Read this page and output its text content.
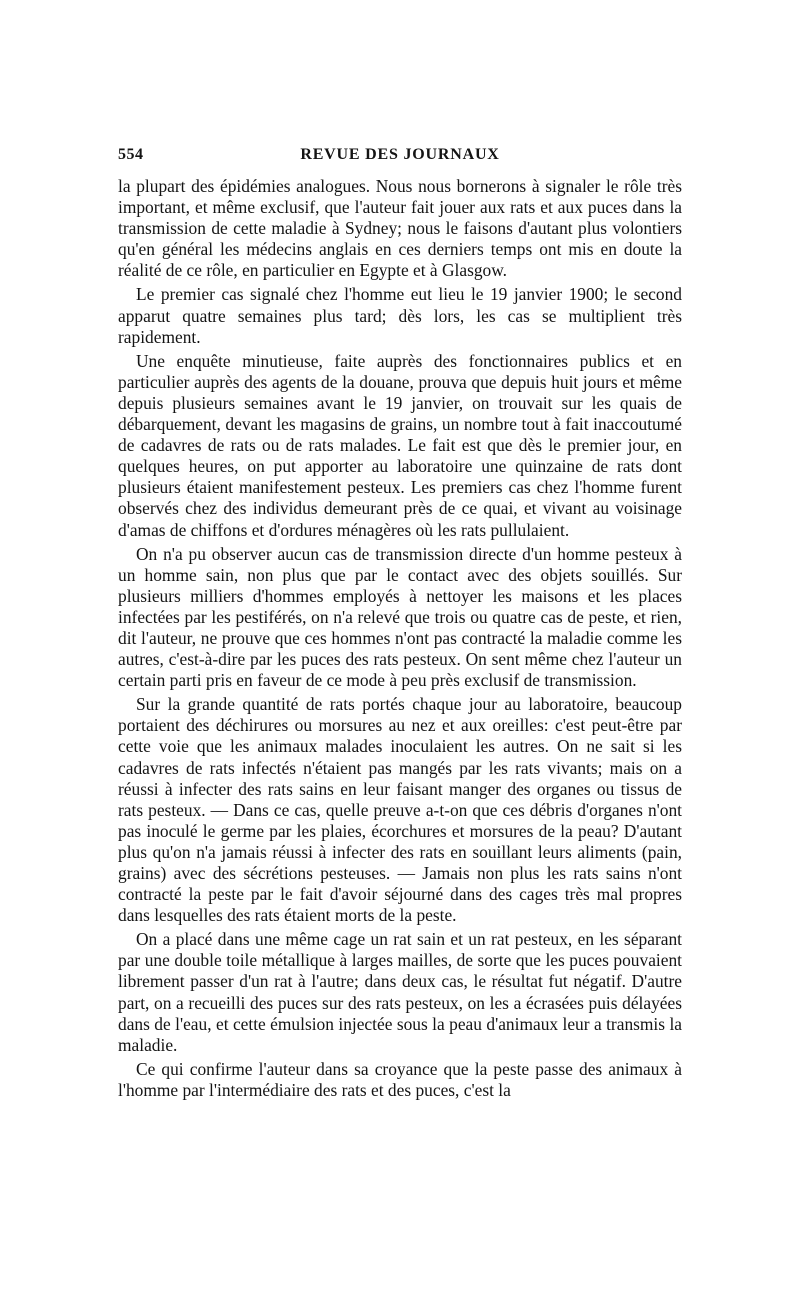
554	REVUE DES JOURNAUX

la plupart des épidémies analogues. Nous nous bornerons à signaler le rôle très important, et même exclusif, que l'auteur fait jouer aux rats et aux puces dans la transmission de cette maladie à Sydney; nous le faisons d'autant plus volontiers qu'en général les médecins anglais en ces derniers temps ont mis en doute la réalité de ce rôle, en particulier en Egypte et à Glasgow.

Le premier cas signalé chez l'homme eut lieu le 19 janvier 1900; le second apparut quatre semaines plus tard; dès lors, les cas se multiplient très rapidement.

Une enquête minutieuse, faite auprès des fonctionnaires publics et en particulier auprès des agents de la douane, prouva que depuis huit jours et même depuis plusieurs semaines avant le 19 janvier, on trouvait sur les quais de débarquement, devant les magasins de grains, un nombre tout à fait inaccoutumé de cadavres de rats ou de rats malades. Le fait est que dès le premier jour, en quelques heures, on put apporter au laboratoire une quinzaine de rats dont plusieurs étaient manifestement pesteux. Les premiers cas chez l'homme furent observés chez des individus demeurant près de ce quai, et vivant au voisinage d'amas de chiffons et d'ordures ménagères où les rats pullulaient.

On n'a pu observer aucun cas de transmission directe d'un homme pesteux à un homme sain, non plus que par le contact avec des objets souillés. Sur plusieurs milliers d'hommes employés à nettoyer les maisons et les places infectées par les pestiférés, on n'a relevé que trois ou quatre cas de peste, et rien, dit l'auteur, ne prouve que ces hommes n'ont pas contracté la maladie comme les autres, c'est-à-dire par les puces des rats pesteux. On sent même chez l'auteur un certain parti pris en faveur de ce mode à peu près exclusif de transmission.

Sur la grande quantité de rats portés chaque jour au laboratoire, beaucoup portaient des déchirures ou morsures au nez et aux oreilles: c'est peut-être par cette voie que les animaux malades inoculaient les autres. On ne sait si les cadavres de rats infectés n'étaient pas mangés par les rats vivants; mais on a réussi à infecter des rats sains en leur faisant manger des organes ou tissus de rats pesteux. — Dans ce cas, quelle preuve a-t-on que ces débris d'organes n'ont pas inoculé le germe par les plaies, écorchures et morsures de la peau? D'autant plus qu'on n'a jamais réussi à infecter des rats en souillant leurs aliments (pain, grains) avec des sécrétions pesteuses. — Jamais non plus les rats sains n'ont contracté la peste par le fait d'avoir séjourné dans des cages très mal propres dans lesquelles des rats étaient morts de la peste.

On a placé dans une même cage un rat sain et un rat pesteux, en les séparant par une double toile métallique à larges mailles, de sorte que les puces pouvaient librement passer d'un rat à l'autre; dans deux cas, le résultat fut négatif. D'autre part, on a recueilli des puces sur des rats pesteux, on les a écrasées puis délayées dans de l'eau, et cette émulsion injectée sous la peau d'animaux leur a transmis la maladie.

Ce qui confirme l'auteur dans sa croyance que la peste passe des animaux à l'homme par l'intermédiaire des rats et des puces, c'est la
